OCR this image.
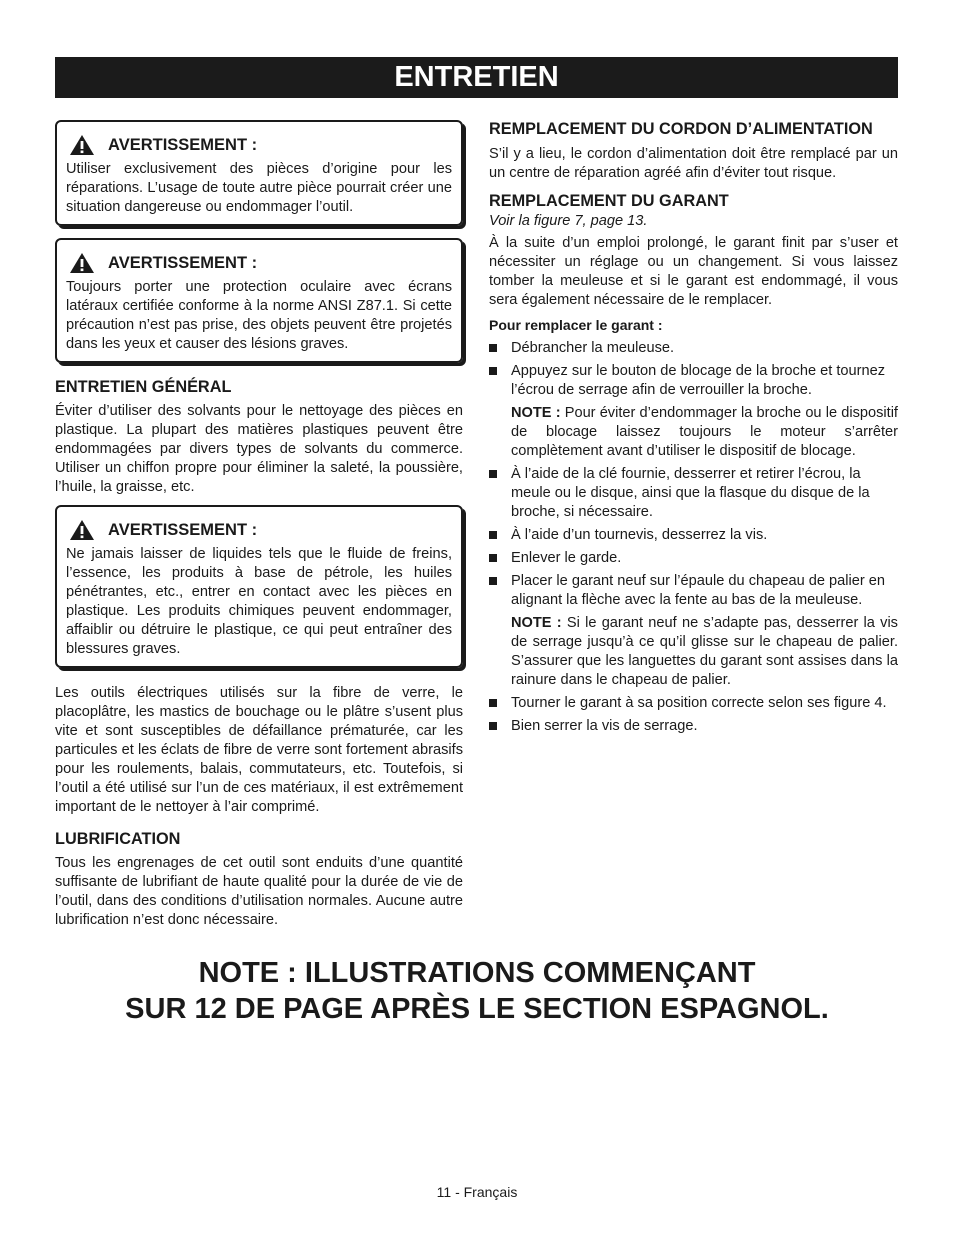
ENTRETIEN
AVERTISSEMENT :

Utiliser exclusivement des pièces d’origine pour les réparations. L’usage de toute autre pièce pourrait créer une situation dangereuse ou endommager l’outil.

AVERTISSEMENT :

Toujours porter une protection oculaire avec écrans latéraux certifiée conforme à la norme ANSI Z87.1. Si cette précaution n’est pas prise, des objets peuvent être projetés dans les yeux et causer des lésions graves.

ENTRETIEN GÉNÉRAL

Éviter d’utiliser des solvants pour le nettoyage des pièces en plastique. La plupart des matières plastiques peuvent être endommagées par divers types de solvants du commerce. Utiliser un chiffon propre pour éliminer la saleté, la poussière, l’huile, la graisse, etc.

AVERTISSEMENT :

Ne jamais laisser de liquides tels que le fluide de freins, l’essence, les produits à base de pétrole, les huiles pénétrantes, etc., entrer en contact avec les pièces en plastique. Les produits chimiques peuvent endommager, affaiblir ou détruire le plastique, ce qui peut entraîner des blessures graves.

Les outils électriques utilisés sur la fibre de verre, le placoplâtre, les mastics de bouchage ou le plâtre s’usent plus vite et sont susceptibles de défaillance prématurée, car les particules et les éclats de fibre de verre sont fortement abrasifs pour les roulements, balais, commutateurs, etc. Toutefois, si l’outil a été utilisé sur l’un de ces matériaux, il est extrêmement important de le nettoyer à l’air comprimé.

LUBRIFICATION

Tous les engrenages de cet outil sont enduits d’une quantité suffisante de lubrifiant de haute qualité pour la durée de vie de l’outil, dans des conditions d’utilisation normales. Aucune autre lubrification n’est donc nécessaire.

REMPLACEMENT DU CORDON D’ALIMENTATION

S’il y a lieu, le cordon d’alimentation doit être remplacé par un un centre de réparation agréé afin d’éviter tout risque.

REMPLACEMENT DU GARANT

Voir la figure 7, page 13.

À la suite d’un emploi prolongé, le garant finit par s’user et nécessiter un réglage ou un changement. Si vous laissez tomber la meuleuse et si le garant est endommagé, il vous sera également nécessaire de le remplacer.

Pour remplacer le garant :

Débrancher la meuleuse.
Appuyez sur le bouton de blocage de la broche et tournez l’écrou de serrage afin de verrouiller la broche.

NOTE : Pour éviter d’endommager la broche ou le dispositif de blocage laissez toujours le moteur s’arrêter complètement avant d’utiliser le dispositif de blocage.

À l’aide de la clé fournie, desserrer et retirer l’écrou, la meule ou le disque, ainsi que la flasque du disque de la broche, si nécessaire.
À l’aide d’un tournevis, desserrez la vis.
Enlever le garde.
Placer le garant neuf sur l’épaule du chapeau de palier en alignant la flèche avec la fente au bas de la meuleuse.

NOTE : Si le garant neuf ne s’adapte pas, desserrer la vis de serrage jusqu’à ce qu’il glisse sur le chapeau de palier. S’assurer que les languettes du garant sont assises dans la rainure dans le chapeau de palier.

Tourner le garant à sa position correcte selon ses figure 4.
Bien serrer la vis de serrage.
NOTE : ILLUSTRATIONS COMMENÇANT
SUR 12 DE PAGE APRÈS LE SECTION ESPAGNOL.
11 - Français
